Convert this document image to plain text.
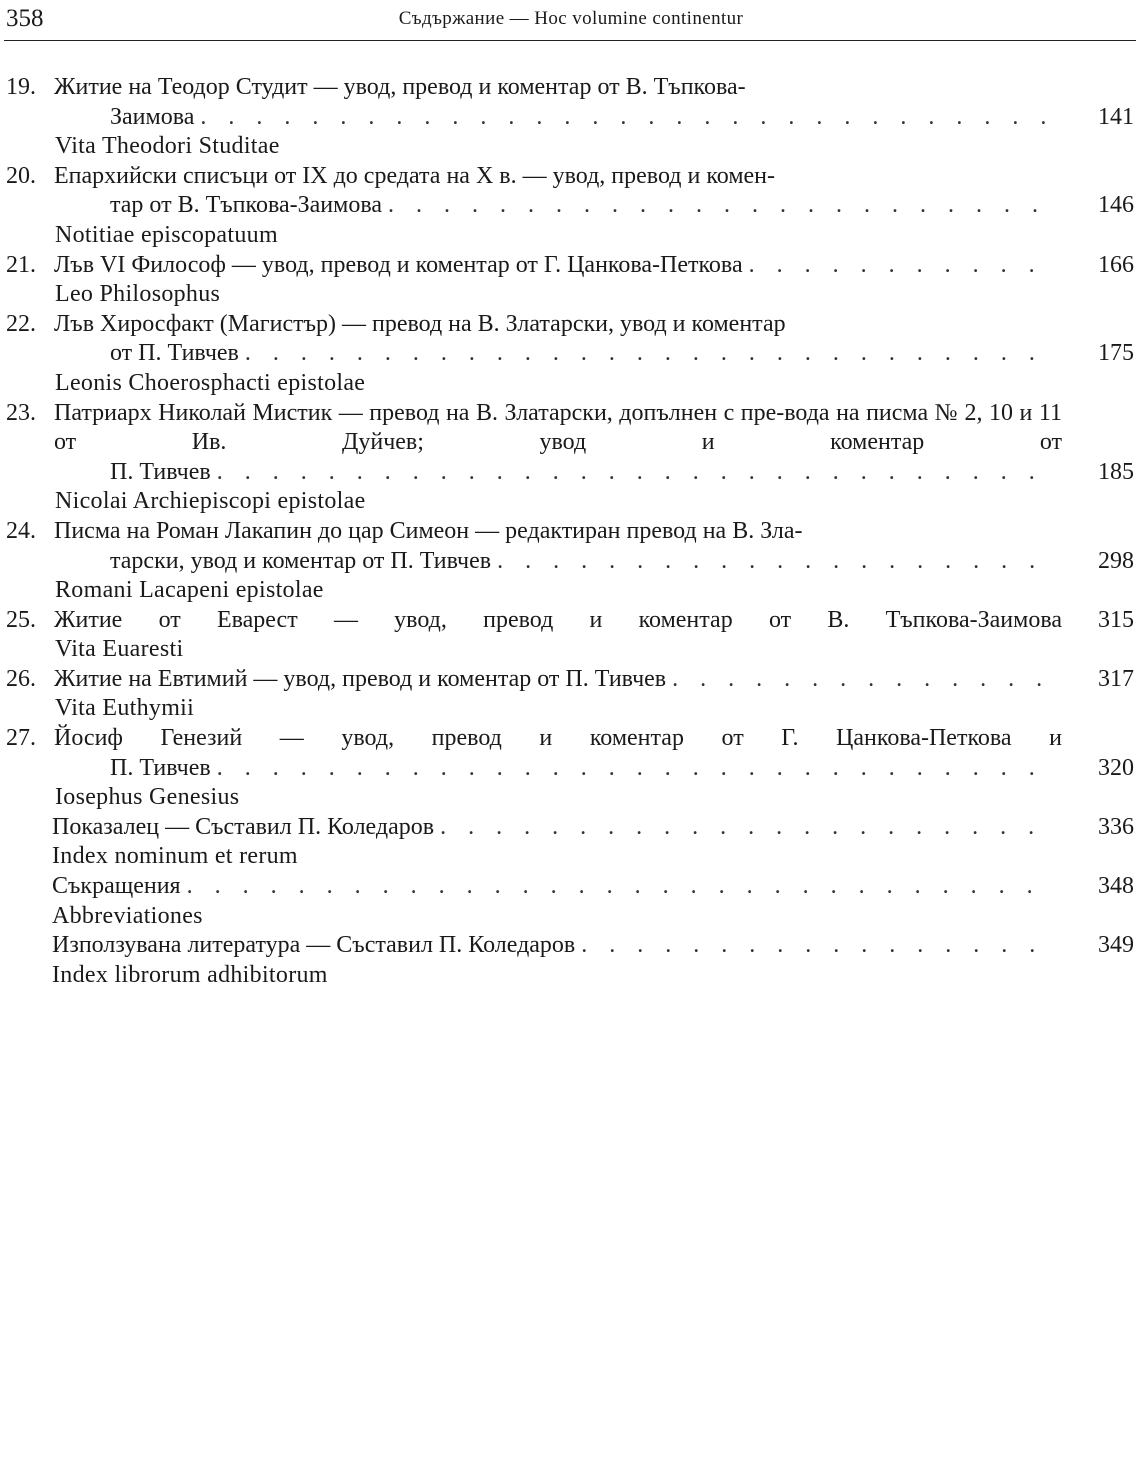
358	Съдържание — Hoc volumine continentur
19. Житие на Теодор Студит — увод, превод и коментар от В. Тъпкова-
Заимова . . .	141
Vita Theodori Studitae
20. Епархийски списъци от IX до средата на X в. — увод, превод и комен-
тар от В. Тъпкова-Заимова . . .	146
Notitiae episcopatuum
21. Лъв VI Философ — увод, превод и коментар от Г. Цанкова-Петкова . . .	166
Leo Philosophus
22. Лъв Хиросфакт (Магистър) — превод на В. Златарски, увод и коментар
от П. Тивчев . . .	175
Leonis Choerosphacti epistolae
23. Патриарх Николай Мистик — превод на В. Златарски, допълнен с пре-вода на писма № 2, 10 и 11 от Ив. Дуйчев; увод и коментар от
П. Тивчев . . .	185
Nicolai Archiepiscopi epistolae
24. Писма на Роман Лакапин до цар Симеон — редактиран превод на В. Зла-
тарски, увод и коментар от П. Тивчев . . .	298
Romani Lacapeni epistolae
25. Житие от Еварест — увод, превод и коментар от В. Тъпкова-Заимова	315
Vita Euaresti
26. Житие на Евтимий — увод, превод и коментар от П. Тивчев . . .	317
Vita Euthymii
27. Йосиф Генезий — увод, превод и коментар от Г. Цанкова-Петкова и
П. Тивчев . . .	320
Iosephus Genesius
Показалец — Съставил П. Коледаров . . .	336
Index nominum et rerum
Съкращения . . .	348
Abbreviationes
Използувана литература — Съставил П. Коледаров . . .	349
Index librorum adhibitorum
